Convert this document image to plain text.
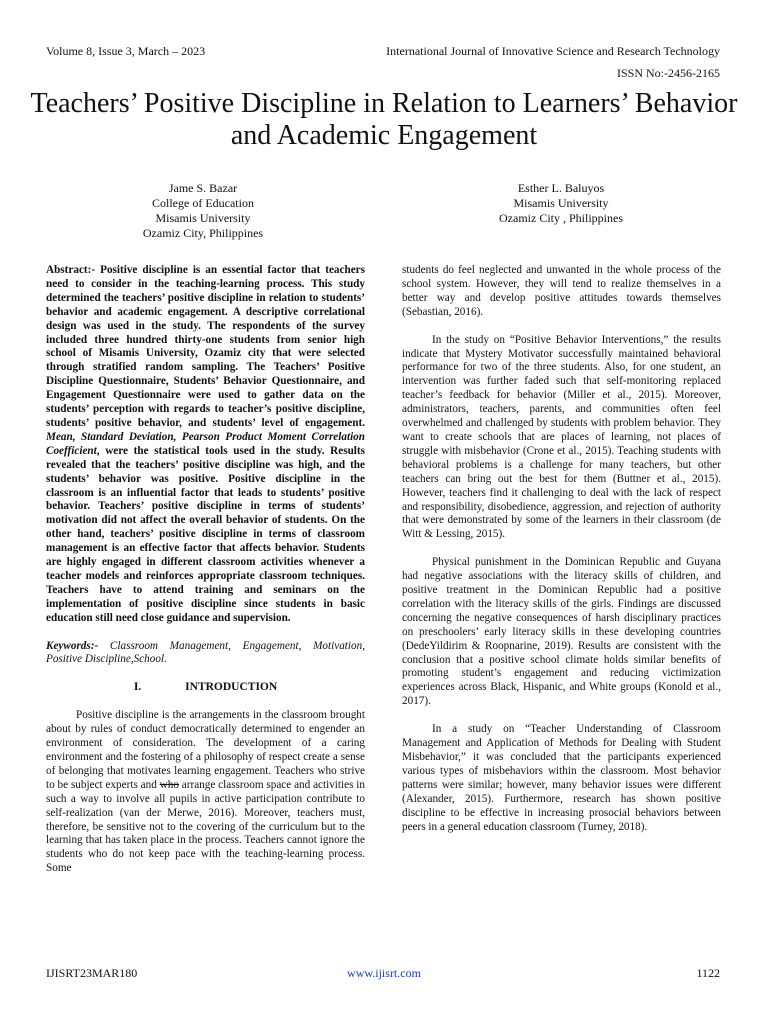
Volume 8, Issue 3, March – 2023	International Journal of Innovative Science and Research Technology
ISSN No:-2456-2165
Teachers’ Positive Discipline in Relation to Learners’ Behavior and Academic Engagement
Jame S. Bazar
College of Education
Misamis University
Ozamiz City, Philippines
Esther L. Baluyos
Misamis University
Ozamiz City , Philippines

Abstract:- Positive discipline is an essential factor that teachers need to consider in the teaching-learning process. This study determined the teachers’ positive discipline in relation to students’ behavior and academic engagement. A descriptive correlational design was used in the study. The respondents of the survey included three hundred thirty-one students from senior high school of Misamis University, Ozamiz city that were selected through stratified random sampling. The Teachers’ Positive Discipline Questionnaire, Students’ Behavior Questionnaire, and Engagement Questionnaire were used to gather data on the students’ perception with regards to teacher’s positive discipline, students’ positive behavior, and students’ level of engagement. Mean, Standard Deviation, Pearson Product Moment Correlation Coefficient, were the statistical tools used in the study. Results revealed that the teachers’ positive discipline was high, and the students’ behavior was positive. Positive discipline in the classroom is an influential factor that leads to students’ positive behavior. Teachers’ positive discipline in terms of students’ motivation did not affect the overall behavior of students. On the other hand, teachers’ positive discipline in terms of classroom management is an effective factor that affects behavior. Students are highly engaged in different classroom activities whenever a teacher models and reinforces appropriate classroom techniques. Teachers have to attend training and seminars on the implementation of positive discipline since students in basic education still need close guidance and supervision.

Keywords:- Classroom Management, Engagement, Motivation, Positive Discipline,School.

I.	INTRODUCTION

Positive discipline is the arrangements in the classroom brought about by rules of conduct democratically determined to engender an environment of consideration. The development of a caring environment and the fostering of a philosophy of respect create a sense of belonging that motivates learning engagement. Teachers who strive to be subject experts and who arrange classroom space and activities in such a way to involve all pupils in active participation contribute to self-realization (van der Merwe, 2016). Moreover, teachers must, therefore, be sensitive not to the covering of the curriculum but to the learning that has taken place in the process. Teachers cannot ignore the students who do not keep pace with the teaching-learning process. Some

students do feel neglected and unwanted in the whole process of the school system. However, they will tend to realize themselves in a better way and develop positive attitudes towards themselves (Sebastian, 2016).

In the study on “Positive Behavior Interventions,” the results indicate that Mystery Motivator successfully maintained behavioral performance for two of the three students. Also, for one student, an intervention was further faded such that self-monitoring replaced teacher’s feedback for behavior (Miller et al., 2015). Moreover, administrators, teachers, parents, and communities often feel overwhelmed and challenged by students with problem behavior. They want to create schools that are places of learning, not places of struggle with misbehavior (Crone et al., 2015). Teaching students with behavioral problems is a challenge for many teachers, but other teachers can bring out the best for them (Buttner et al., 2015). However, teachers find it challenging to deal with the lack of respect and responsibility, disobedience, aggression, and rejection of authority that were demonstrated by some of the learners in their classroom (de Witt & Lessing, 2015).

Physical punishment in the Dominican Republic and Guyana had negative associations with the literacy skills of children, and positive treatment in the Dominican Republic had a positive correlation with the literacy skills of the girls. Findings are discussed concerning the negative consequences of harsh disciplinary practices on preschoolers’ early literacy skills in these developing countries (DedeYildirim & Roopnarine, 2019). Results are consistent with the conclusion that a positive school climate holds similar benefits of promoting student’s engagement and reducing victimization experiences across Black, Hispanic, and White groups (Konold et al., 2017).

In a study on “Teacher Understanding of Classroom Management and Application of Methods for Dealing with Student Misbehavior,” it was concluded that the participants experienced various types of misbehaviors within the classroom. Most behavior patterns were similar; however, many behavior issues were different (Alexander, 2015). Furthermore, research has shown positive discipline to be effective in increasing prosocial behaviors between peers in a general education classroom (Turney, 2018).

IJISRT23MAR180	www.ijisrt.com	1122
